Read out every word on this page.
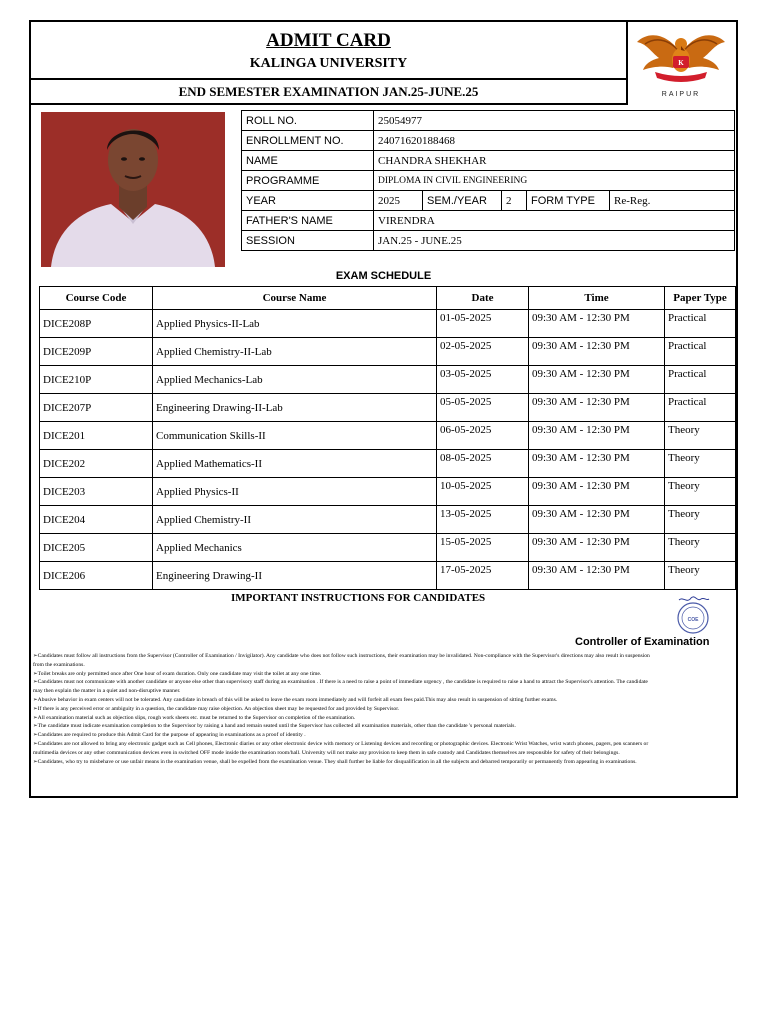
ADMIT CARD
KALINGA UNIVERSITY
END SEMESTER EXAMINATION JAN.25-JUNE.25
K
RAIPUR
ROLL NO.	25054977				
ENROLLMENT NO.	24071620188468				
NAME	CHANDRA SHEKHAR				
PROGRAMME	DIPLOMA IN CIVIL ENGINEERING				
YEAR	2025	SEM./YEAR	2	FORM TYPE	Re-Reg.
FATHER'S NAME	VIRENDRA				
SESSION	JAN.25 - JUNE.25				
EXAM SCHEDULE
Course Code	Course Name	Date	Time	Paper Type
DICE208P	Applied Physics-II-Lab	01-05-2025	09:30 AM - 12:30 PM	Practical
DICE209P	Applied Chemistry-II-Lab	02-05-2025	09:30 AM - 12:30 PM	Practical
DICE210P	Applied Mechanics-Lab	03-05-2025	09:30 AM - 12:30 PM	Practical
DICE207P	Engineering Drawing-II-Lab	05-05-2025	09:30 AM - 12:30 PM	Practical
DICE201	Communication Skills-II	06-05-2025	09:30 AM - 12:30 PM	Theory
DICE202	Applied Mathematics-II	08-05-2025	09:30 AM - 12:30 PM	Theory
DICE203	Applied Physics-II	10-05-2025	09:30 AM - 12:30 PM	Theory
DICE204	Applied Chemistry-II	13-05-2025	09:30 AM - 12:30 PM	Theory
DICE205	Applied Mechanics	15-05-2025	09:30 AM - 12:30 PM	Theory
DICE206	Engineering Drawing-II	17-05-2025	09:30 AM - 12:30 PM	Theory
IMPORTANT INSTRUCTIONS FOR CANDIDATES
COE
Controller of Examination

➢Candidates must follow all instructions from the Supervisor (Controller of Examination / Invigilator). Any candidate who does not follow such instructions, their examination may be invalidated. Non-compliance with the Supervisor's directions may also result in suspension from the examinations.

➢Toilet breaks are only permitted once after One hour of exam duration. Only one candidate may visit the toilet at any one time.

➢Candidates must not communicate with another candidate or anyone else other than supervisory staff during an examination . If there is a need to raise a point of immediate urgency , the candidate is required to raise a hand to attract the Supervisor's attention. The candidate may then explain the matter in a quiet and non-disruptive manner.

➢Abusive behavior in exam centers will not be tolerated. Any candidate in breach of this will be asked to leave the exam room immediately and will forfeit all exam fees paid.This may also result in suspension of sitting further exams.

➢If there is any perceived error or ambiguity in a question, the candidate may raise objection. An objection sheet may be requested for and provided by Supervisor.

➢All examination material such as objection slips, rough work sheets etc. must be returned to the Supervisor on completion of the examination.

➢The candidate must indicate examination completion to the Supervisor by raising a hand and remain seated until the Supervisor has collected all examination materials, other than the candidate 's personal materials.

➢Candidates are required to produce this Admit Card for the purpose of appearing in examinations as a proof of identity .

➢Candidates are not allowed to bring any electronic gadget such as Cell phones, Electronic diaries or any other electronic device with memory or Listening devices and recording or photographic devices. Electronic Wrist Watches, wrist watch phones, pagers, pen scanners or multimedia devices or any other communication devices even in switched OFF mode inside the examination room/hall. University will not make any provision to keep them in safe custody and Candidates themselves are responsible for safety of their belongings.

➢Candidates, who try to misbehave or use unfair means in the examination venue, shall be expelled from the examination venue. They shall further be liable for disqualification in all the subjects and debarred temporarily or permanently from appearing in examinations.
